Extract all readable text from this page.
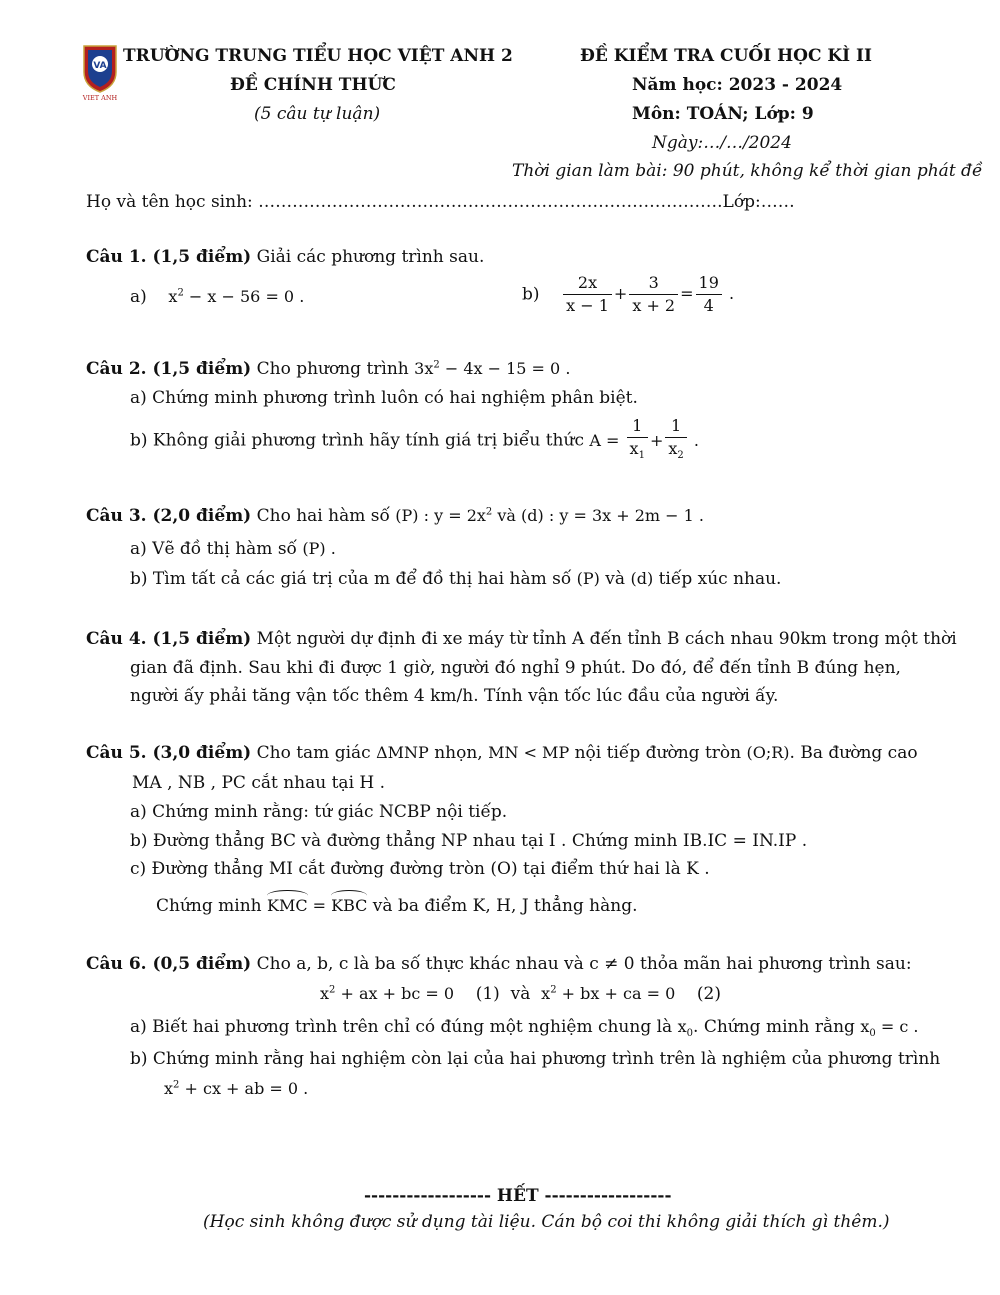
VA
VIET ANH
TRƯỜNG TRUNG TIỂU HỌC VIỆT ANH 2
ĐỀ CHÍNH THỨC
(5 câu tự luận)
ĐỀ KIỂM TRA CUỐI HỌC KÌ II
Năm học: 2023 - 2024
Môn: TOÁN; Lớp: 9
Ngày:…/…/2024
Thời gian làm bài: 90 phút, không kể thời gian phát đề
Họ và tên học sinh: ……………………………………………………………………….Lớp:……
Câu 1. (1,5 điểm) Giải các phương trình sau.
a) $x^2 - x - 56 = 0$ .	$b) \frac{2x}{x - 1} + \frac{3}{x + 2} = \frac{19}{4}$ .
Câu 2. (1,5 điểm) Cho phương trình $3x^2 - 4x - 15 = 0$ .
a) Chứng minh phương trình luôn có hai nghiệm phân biệt.
b) Không giải phương trình hãy tính giá trị biểu thức $A = \frac{1}{x_1} + \frac{1}{x_2}$ .
Câu 3. (2,0 điểm) Cho hai hàm số (P) : $y = 2x^2$ và (d) : y = 3x + 2m − 1 .
a) Vẽ đồ thị hàm số (P) .
b) Tìm tất cả các giá trị của m để đồ thị hai hàm số (P) và (d) tiếp xúc nhau.
Câu 4. (1,5 điểm) Một người dự định đi xe máy từ tỉnh A đến tỉnh B cách nhau 90km trong một thời
gian đã định. Sau khi đi được 1 giờ, người đó nghỉ 9 phút. Do đó, để đến tỉnh B đúng hẹn,
người ấy phải tăng vận tốc thêm 4 km/h. Tính vận tốc lúc đầu của người ấy.
Câu 5. (3,0 điểm) Cho tam giác ΔMNP nhọn, MN < MP nội tiếp đường tròn (O;R). Ba đường cao
MA , NB , PC cắt nhau tại H .
a) Chứng minh rằng: tứ giác NCBP nội tiếp.
b) Đường thẳng BC và đường thẳng NP nhau tại I . Chứng minh IB.IC = IN.IP .
c) Đường thẳng MI cắt đường đường tròn (O) tại điểm thứ hai là K .
Chứng minh KMC = KBC và ba điểm K, H, J thẳng hàng.
Câu 6. (0,5 điểm) Cho a, b, c là ba số thực khác nhau và c ≠ 0 thỏa mãn hai phương trình sau:
$x^2$ + ax + bc = 0    (1)  và  $x^2$ + bx + ca = 0    (2)
a) Biết hai phương trình trên chỉ có đúng một nghiệm chung là $x_0$. Chứng minh rằng $x_0 = c$ .
b) Chứng minh rằng hai nghiệm còn lại của hai phương trình trên là nghiệm của phương trình
$x^2$ + cx + ab = 0 .
------------------ HẾT ------------------
(Học sinh không được sử dụng tài liệu. Cán bộ coi thi không giải thích gì thêm.)
